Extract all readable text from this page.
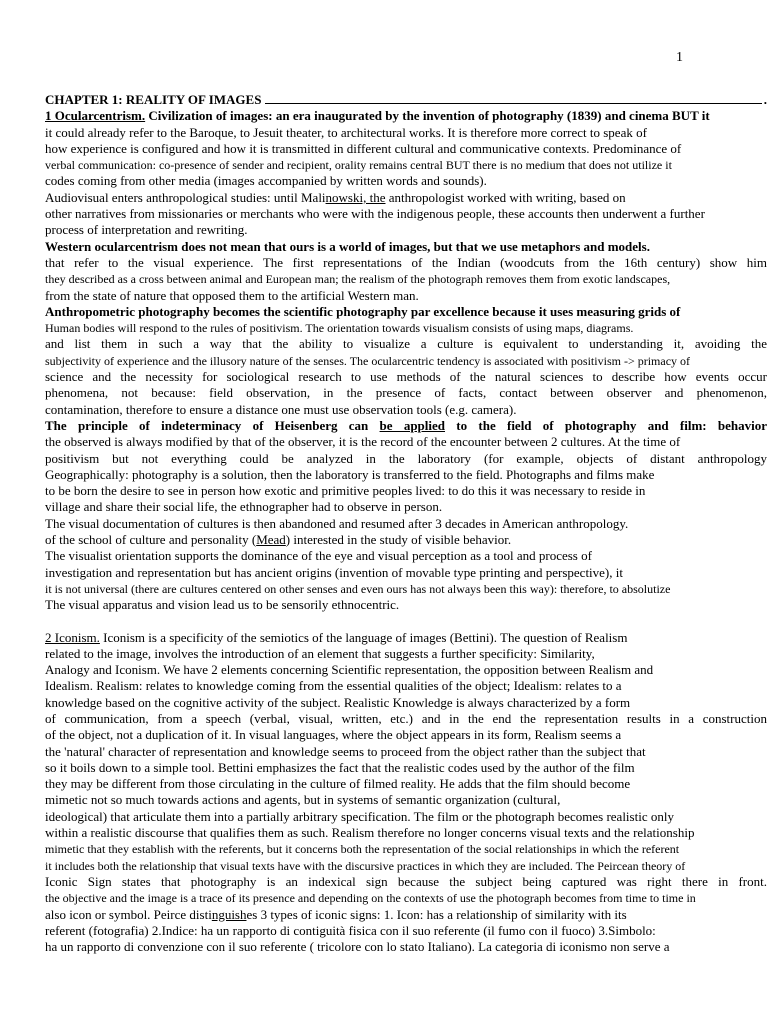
1
CHAPTER 1: REALITY OF IMAGES	.
1 Ocularcentrism. Civilization of images: an era inaugurated by the invention of photography (1839) and cinema BUT it
it could already refer to the Baroque, to Jesuit theater, to architectural works. It is therefore more correct to speak of
how experience is configured and how it is transmitted in different cultural and communicative contexts. Predominance of
verbal communication: co-presence of sender and recipient, orality remains central BUT there is no medium that does not utilize it
codes coming from other media (images accompanied by written words and sounds).
Audiovisual enters anthropological studies: until Malinowski, the anthropologist worked with writing, based on
other narratives from missionaries or merchants who were with the indigenous people, these accounts then underwent a further
process of interpretation and rewriting.
Western ocularcentrism does not mean that ours is a world of images, but that we use metaphors and models.
that refer to the visual experience. The first representations of the Indian (woodcuts from the 16th century) show him
they described as a cross between animal and European man; the realism of the photograph removes them from exotic landscapes,
from the state of nature that opposed them to the artificial Western man.
Anthropometric photography becomes the scientific photography par excellence because it uses measuring grids of
Human bodies will respond to the rules of positivism. The orientation towards visualism consists of using maps, diagrams.
and list them in such a way that the ability to visualize a culture is equivalent to understanding it, avoiding the
subjectivity of experience and the illusory nature of the senses. The ocularcentric tendency is associated with positivism -> primacy of
science and the necessity for sociological research to use methods of the natural sciences to describe how events occur
phenomena, not because: field observation, in the presence of facts, contact between observer and phenomenon,
contamination, therefore to ensure a distance one must use observation tools (e.g. camera).
The principle of indeterminacy of Heisenberg can be applied to the field of photography and film: behavior
the observed is always modified by that of the observer, it is the record of the encounter between 2 cultures. At the time of
positivism but not everything could be analyzed in the laboratory (for example, objects of distant anthropology
Geographically: photography is a solution, then the laboratory is transferred to the field. Photographs and films make
to be born the desire to see in person how exotic and primitive peoples lived: to do this it was necessary to reside in
village and share their social life, the ethnographer had to observe in person.
The visual documentation of cultures is then abandoned and resumed after 3 decades in American anthropology.
of the school of culture and personality (Mead) interested in the study of visible behavior.
The visualist orientation supports the dominance of the eye and visual perception as a tool and process of
investigation and representation but has ancient origins (invention of movable type printing and perspective), it
it is not universal (there are cultures centered on other senses and even ours has not always been this way): therefore, to absolutize
The visual apparatus and vision lead us to be sensorily ethnocentric.
2 Iconism. Iconism is a specificity of the semiotics of the language of images (Bettini). The question of Realism
related to the image, involves the introduction of an element that suggests a further specificity: Similarity,
Analogy and Iconism. We have 2 elements concerning Scientific representation, the opposition between Realism and
Idealism. Realism: relates to knowledge coming from the essential qualities of the object; Idealism: relates to a
knowledge based on the cognitive activity of the subject. Realistic Knowledge is always characterized by a form
of communication, from a speech (verbal, visual, written, etc.) and in the end the representation results in a construction
of the object, not a duplication of it. In visual languages, where the object appears in its form, Realism seems a
the 'natural' character of representation and knowledge seems to proceed from the object rather than the subject that
so it boils down to a simple tool. Bettini emphasizes the fact that the realistic codes used by the author of the film
they may be different from those circulating in the culture of filmed reality. He adds that the film should become
mimetic not so much towards actions and agents, but in systems of semantic organization (cultural,
ideological) that articulate them into a partially arbitrary specification. The film or the photograph becomes realistic only
within a realistic discourse that qualifies them as such. Realism therefore no longer concerns visual texts and the relationship
mimetic that they establish with the referents, but it concerns both the representation of the social relationships in which the referent
it includes both the relationship that visual texts have with the discursive practices in which they are included. The Peircean theory of
Iconic Sign states that photography is an indexical sign because the subject being captured was right there in front.
the objective and the image is a trace of its presence and depending on the contexts of use the photograph becomes from time to time in
also icon or symbol. Peirce distinguishes 3 types of iconic signs: 1. Icon: has a relationship of similarity with its
referent (fotografia) 2.Indice: ha un rapporto di contiguità fisica con il suo referente (il fumo con il fuoco) 3.Simbolo:
ha un rapporto di convenzione con il suo referente ( tricolore con lo stato Italiano). La categoria di iconismo non serve a
